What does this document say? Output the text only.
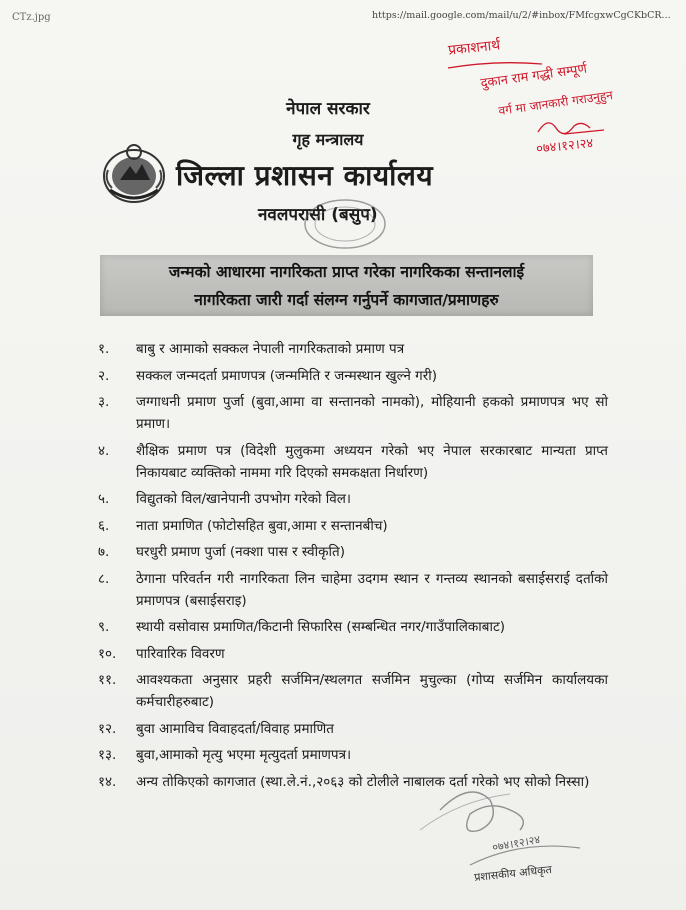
CTz.jpg	https://mail.google.com/mail/u/2/#inbox/FMfcgxwCgCKbCR...
नेपाल सरकार
गृह मन्त्रालय
जिल्ला प्रशासन कार्यालय
नवलपरासी (बसुप)
जन्मको आधारमा नागरिकता प्राप्त गरेका नागरिकका सन्तानलाई
नागरिकता जारी गर्दा संलग्न गर्नुपर्ने कागजात/प्रमाणहरु
१. बाबु र आमाको सक्कल नेपाली नागरिकताको प्रमाण पत्र
२. सक्कल जन्मदर्ता प्रमाणपत्र (जन्ममिति र जन्मस्थान खुल्ने गरी)
३. जग्गाधनी प्रमाण पुर्जा (बुवा,आमा वा सन्तानको नामको), मोहियानी हकको प्रमाणपत्र भए सो प्रमाण।
४. शैक्षिक प्रमाण पत्र (विदेशी मुलुकमा अध्ययन गरेको भए नेपाल सरकारबाट मान्यता प्राप्त निकायबाट व्यक्तिको नाममा गरि दिएको समकक्षता निर्धारण)
५. विद्युतको विल/खानेपानी उपभोग गरेको विल।
६. नाता प्रमाणित (फोटोसहित बुवा,आमा र सन्तानबीच)
७. घरधुरी प्रमाण पुर्जा (नक्शा पास र स्वीकृति)
८. ठेगाना परिवर्तन गरी नागरिकता लिन चाहेमा उदगम स्थान र गन्तव्य स्थानको बसाईसराई दर्ताको प्रमाणपत्र (बसाईसराइ)
९. स्थायी वसोवास प्रमाणित/किटानी सिफारिस (सम्बन्धित नगर/गाउँपालिकाबाट)
१०. पारिवारिक विवरण
११. आवश्यकता अनुसार प्रहरी सर्जमिन/स्थलगत सर्जमिन मुचुल्का (गोप्य सर्जमिन कार्यालयका कर्मचारीहरुबाट)
१२. बुवा आमाविच विवाहदर्ता/विवाह प्रमाणित
१३. बुवा,आमाको मृत्यु भएमा मृत्युदर्ता प्रमाणपत्र।
१४. अन्य तोकिएको कागजात (स्था.ले.नं.,२०६३ को टोलीले नाबालक दर्ता गरेको भए सोको निस्सा)
प्रकाशनार्थ
दुकान राम गद्धी सम्पूर्ण
वर्ग मा जानकारी गराउनुहुन
०७४।१२।२४
०७४।१२।२४
प्रशासकीय अधिकृत
